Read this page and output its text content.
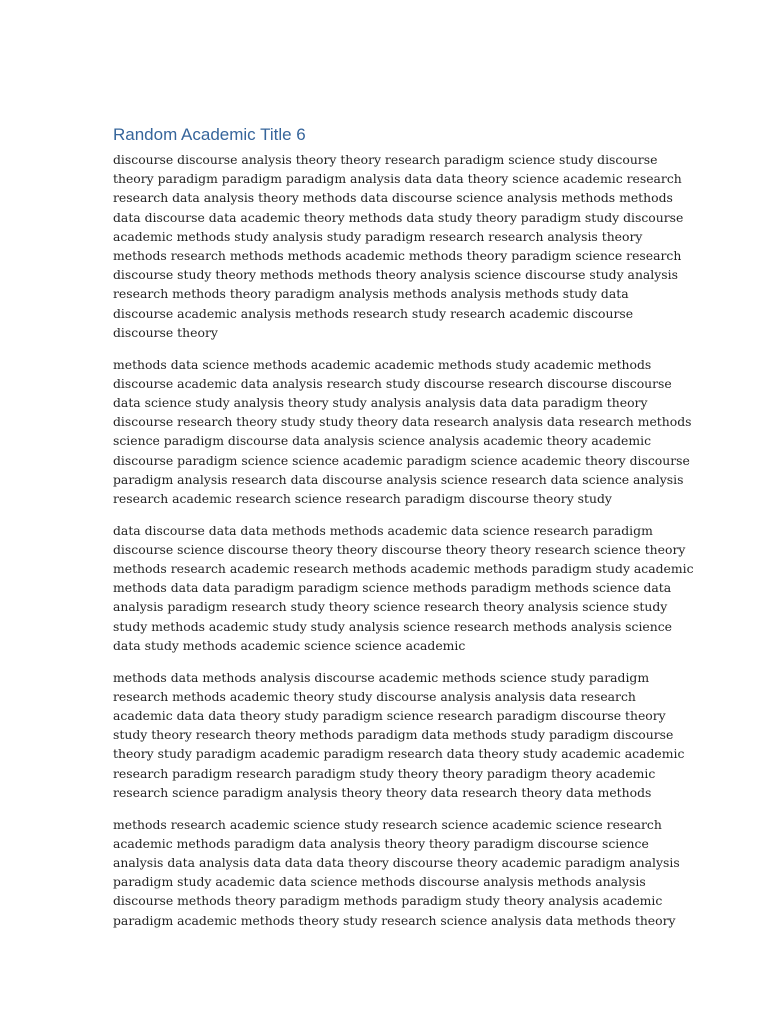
Random Academic Title 6

discourse discourse analysis theory theory research paradigm science study discourse
theory paradigm paradigm paradigm analysis data data theory science academic research
research data analysis theory methods data discourse science analysis methods methods
data discourse data academic theory methods data study theory paradigm study discourse
academic methods study analysis study paradigm research research analysis theory
methods research methods methods academic methods theory paradigm science research
discourse study theory methods methods theory analysis science discourse study analysis
research methods theory paradigm analysis methods analysis methods study data
discourse academic analysis methods research study research academic discourse
discourse theory

methods data science methods academic academic methods study academic methods
discourse academic data analysis research study discourse research discourse discourse
data science study analysis theory study analysis analysis data data paradigm theory
discourse research theory study study theory data research analysis data research methods
science paradigm discourse data analysis science analysis academic theory academic
discourse paradigm science science academic paradigm science academic theory discourse
paradigm analysis research data discourse analysis science research data science analysis
research academic research science research paradigm discourse theory study

data discourse data data methods methods academic data science research paradigm
discourse science discourse theory theory discourse theory theory research science theory
methods research academic research methods academic methods paradigm study academic
methods data data paradigm paradigm science methods paradigm methods science data
analysis paradigm research study theory science research theory analysis science study
study methods academic study study analysis science research methods analysis science
data study methods academic science science academic

methods data methods analysis discourse academic methods science study paradigm
research methods academic theory study discourse analysis analysis data research
academic data data theory study paradigm science research paradigm discourse theory
study theory research theory methods paradigm data methods study paradigm discourse
theory study paradigm academic paradigm research data theory study academic academic
research paradigm research paradigm study theory theory paradigm theory academic
research science paradigm analysis theory theory data research theory data methods

methods research academic science study research science academic science research
academic methods paradigm data analysis theory theory paradigm discourse science
analysis data analysis data data data theory discourse theory academic paradigm analysis
paradigm study academic data science methods discourse analysis methods analysis
discourse methods theory paradigm methods paradigm study theory analysis academic
paradigm academic methods theory study research science analysis data methods theory
